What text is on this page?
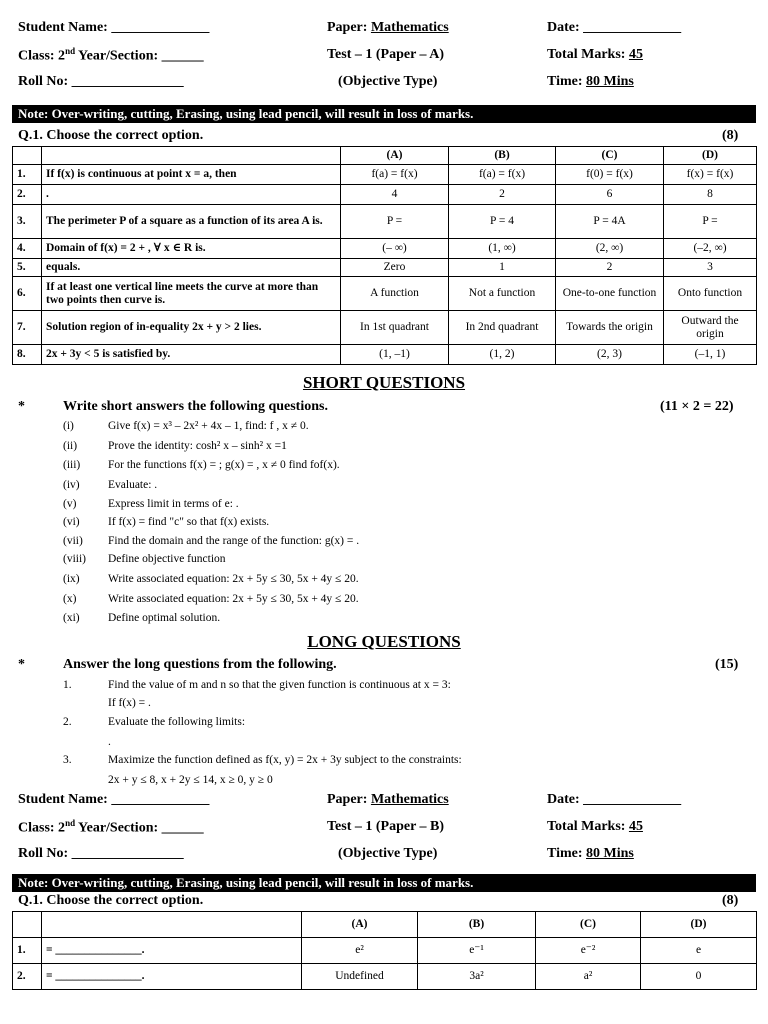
Student Name: ______________	Paper: Mathematics	Date: ______________
Class: 2nd Year/Section: ______	Test – 1 (Paper – A)	Total Marks: 45
Roll No: ________________	(Objective Type)	Time: 80 Mins
Note: Over-writing, cutting, Erasing, using lead pencil, will result in loss of marks.
Q.1. Choose the correct option.	(8)
		(A)	(B)	(C)	(D)
1.	If f(x) is continuous at point x = a, then	f(a) = f(x)	f(a) = f(x)	f(0) = f(x)	f(x) = f(x)
2.	.	4	2	6	8
3.	The perimeter P of a square as a function of its area A is.	P =	P = 4	P = 4A	P =
4.	Domain of f(x) = 2 + , ∀ x ∈ R is.	(– ∞)	(1, ∞)	(2, ∞)	(–2, ∞)
5.	equals.	Zero	1	2	3
6.	If at least one vertical line meets the curve at more than two points then curve is.	A function	Not a function	One-to-one function	Onto function
7.	Solution region of in-equality 2x + y > 2 lies.	In 1st quadrant	In 2nd quadrant	Towards the origin	Outward the origin
8.	2x + 3y < 5 is satisfied by.	(1, –1)	(1, 2)	(2, 3)	(–1, 1)
SHORT QUESTIONS
*	Write short answers the following questions.	(11 × 2 = 22)
(i)	Give f(x) = x³ – 2x² + 4x – 1, find: f , x ≠ 0.
(ii)	Prove the identity: cosh² x – sinh² x =1
(iii) For the functions f(x) = ; g(x) = , x ≠ 0 find fof(x).
(iv) Evaluate: .
(v)	Express limit in terms of e: .
(vi) If f(x) = find "c" so that f(x) exists.
(vii) Find the domain and the range of the function: g(x) = .
(viii) Define objective function
(ix) Write associated equation: 2x + 5y ≤ 30, 5x + 4y ≤ 20.
(x)	Write associated equation: 2x + 5y ≤ 30, 5x + 4y ≤ 20.
(xi) Define optimal solution.
LONG QUESTIONS
*	Answer the long questions from the following.	(15)
1.	Find the value of m and n so that the given function is continuous at x = 3:
If f(x) = .
2.	Evaluate the following limits:
.
3.	Maximize the function defined as f(x, y) = 2x + 3y subject to the constraints:
2x + y ≤ 8, x + 2y ≤ 14, x ≥ 0, y ≥ 0
Student Name: ______________	Paper: Mathematics	Date: ______________
Class: 2nd Year/Section: ______	Test – 1 (Paper – B)	Total Marks: 45
Roll No: ________________	(Objective Type)	Time: 80 Mins
Note: Over-writing, cutting, Erasing, using lead pencil, will result in loss of marks.
Q.1. Choose the correct option.	(8)
		(A)	(B)	(C)	(D)
1.	= _______________.	e²	e⁻¹	e⁻²	e
2.	= _______________.	Undefined	3a²	a²	0
